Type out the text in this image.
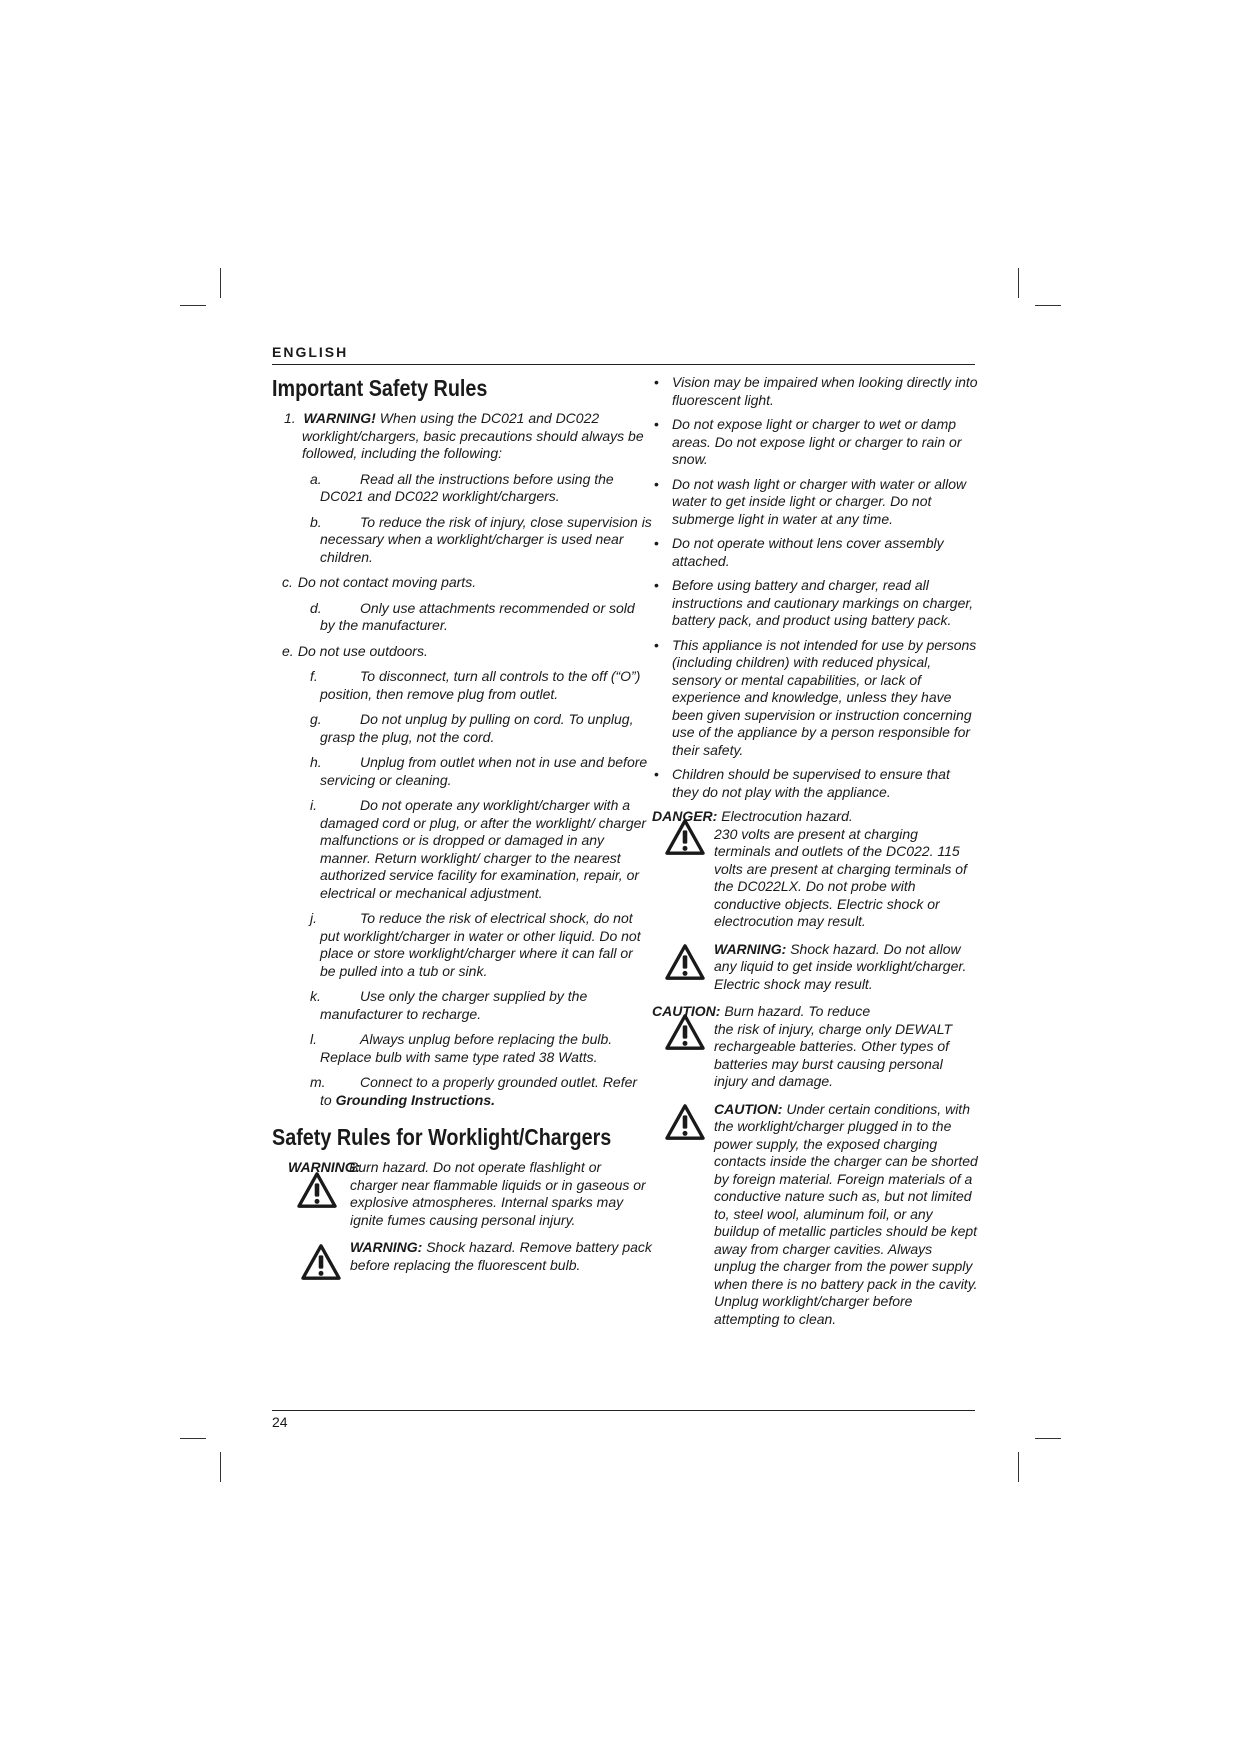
ENGLISH
Important Safety Rules

1. WARNING! When using the DC021 and DC022 worklight/chargers, basic precautions should always be followed, including the following:

a.	Read all the instructions before using the DC021 and DC022 worklight/chargers.

b.	To reduce the risk of injury, close supervision is necessary when a worklight/charger is used near children.

c. Do not contact moving parts.

d.	Only use attachments recommended or sold by the manufacturer.

e. Do not use outdoors.

f.	To disconnect, turn all controls to the off (“O”) position, then remove plug from outlet.

g.	Do not unplug by pulling on cord. To unplug, grasp the plug, not the cord.

h.	Unplug from outlet when not in use and before servicing or cleaning.

i.	Do not operate any worklight/charger with a damaged cord or plug, or after the worklight/ charger malfunctions or is dropped or damaged in any manner. Return worklight/ charger to the nearest authorized service facility for examination, repair, or electrical or mechanical adjustment.

j.	To reduce the risk of electrical shock, do not put worklight/charger in water or other liquid. Do not place or store worklight/charger where it can fall or be pulled into a tub or sink.

k.	Use only the charger supplied by the manufacturer to recharge.

l.	Always unplug before replacing the bulb. Replace bulb with same type rated 38 Watts.

m. Connect to a properly grounded outlet. Refer to Grounding Instructions.

Safety Rules for Worklight/Chargers
WARNING:
Burn hazard. Do not operate flashlight or charger near flammable liquids or in gaseous or explosive atmospheres. Internal sparks may ignite fumes causing personal injury.
WARNING: Shock hazard. Remove battery pack before replacing the fluorescent bulb.

• Vision may be impaired when looking directly into fluorescent light.

• Do not expose light or charger to wet or damp areas. Do not expose light or charger to rain or snow.

• Do not wash light or charger with water or allow water to get inside light or charger. Do not submerge light in water at any time.

• Do not operate without lens cover assembly attached.

• Before using battery and charger, read all instructions and cautionary markings on charger, battery pack, and product using battery pack.

• This appliance is not intended for use by persons (including children) with reduced physical, sensory or mental capabilities, or lack of experience and knowledge, unless they have been given supervision or instruction concerning use of the appliance by a person responsible for their safety.

• Children should be supervised to ensure that they do not play with the appliance.

DANGER: Electrocution hazard.
230 volts are present at charging terminals and outlets of the DC022. 115 volts are present at charging terminals of the DC022LX. Do not probe with conductive objects. Electric shock or electrocution may result.
WARNING: Shock hazard. Do not allow any liquid to get inside worklight/charger. Electric shock may result.
CAUTION: Burn hazard. To reduce
the risk of injury, charge only DEWALT rechargeable batteries. Other types of batteries may burst causing personal injury and damage.
CAUTION: Under certain conditions, with the worklight/charger plugged in to the power supply, the exposed charging contacts inside the charger can be shorted by foreign material. Foreign materials of a conductive nature such as, but not limited to, steel wool, aluminum foil, or any buildup of metallic particles should be kept away from charger cavities. Always unplug the charger from the power supply when there is no battery pack in the cavity. Unplug worklight/charger before attempting to clean.
24
